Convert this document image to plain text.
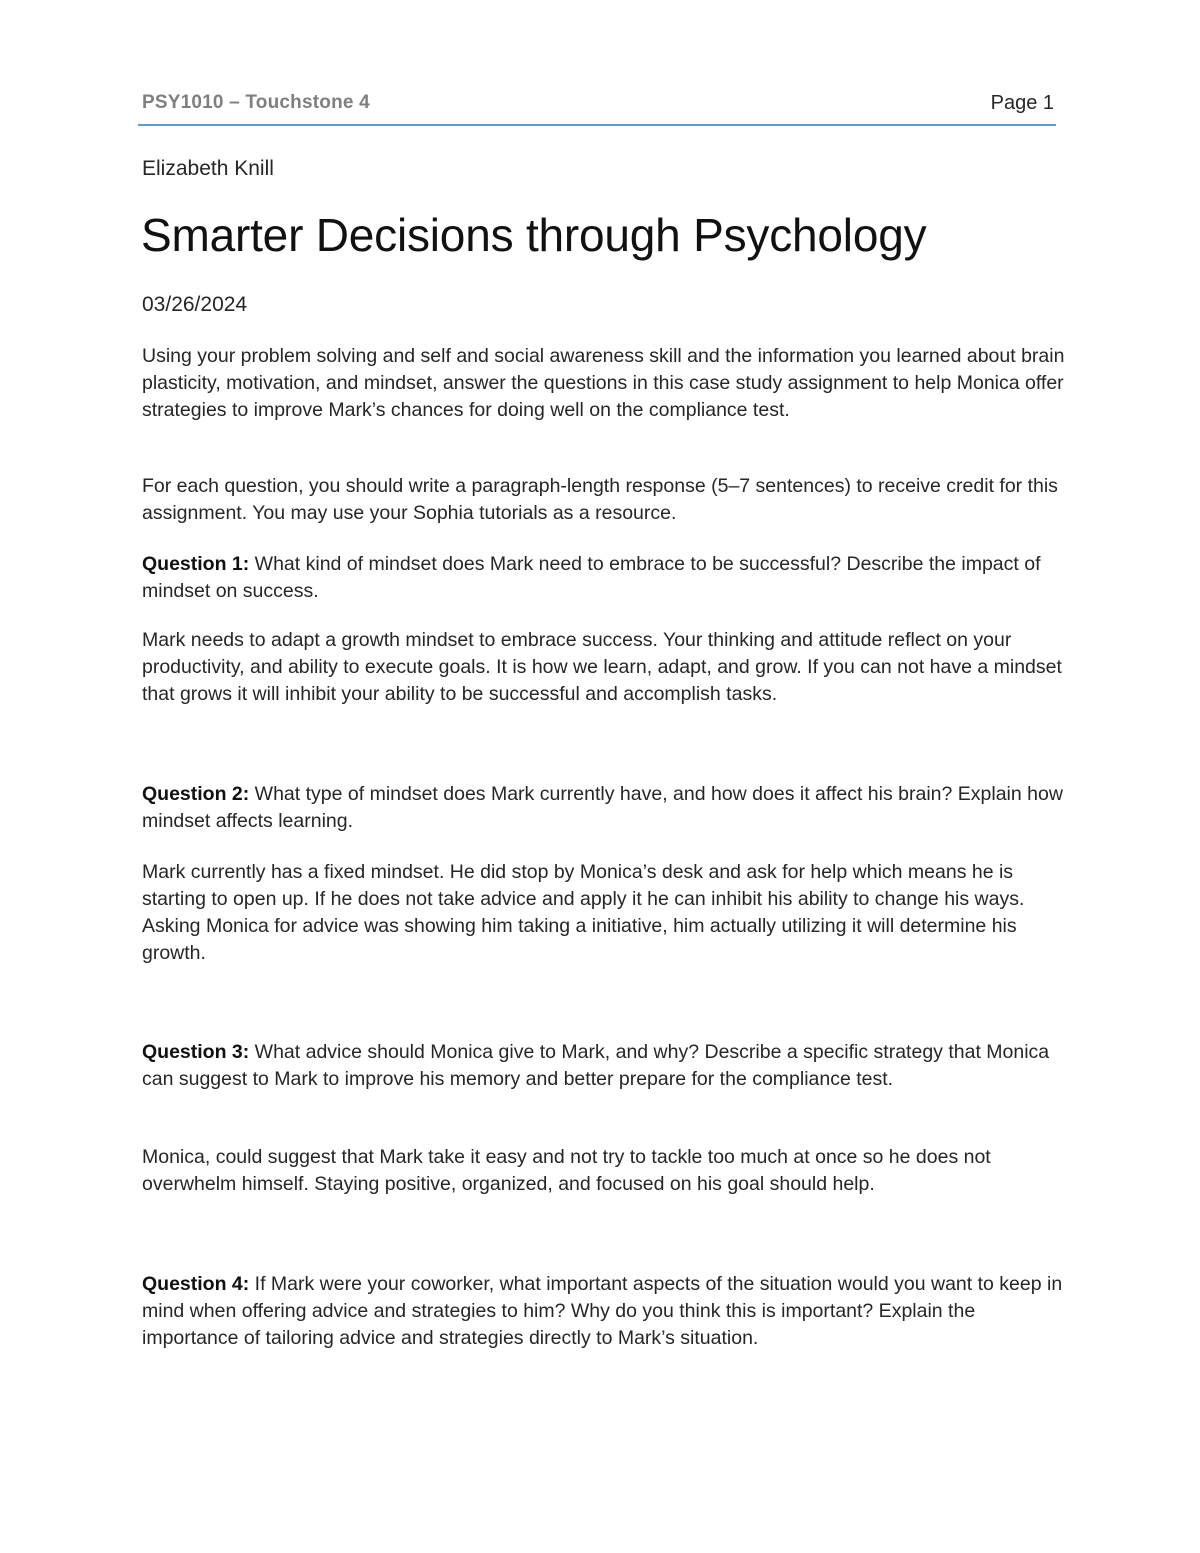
PSY1010 – Touchstone 4	Page 1
Elizabeth Knill
Smarter Decisions through Psychology
03/26/2024

Using your problem solving and self and social awareness skill and the information you learned about brain plasticity, motivation, and mindset, answer the questions in this case study assignment to help Monica offer strategies to improve Mark’s chances for doing well on the compliance test.

For each question, you should write a paragraph-length response (5–7 sentences) to receive credit for this assignment. You may use your Sophia tutorials as a resource.

Question 1: What kind of mindset does Mark need to embrace to be successful? Describe the impact of mindset on success.

Mark needs to adapt a growth mindset to embrace success. Your thinking and attitude reflect on your productivity, and ability to execute goals. It is how we learn, adapt, and grow. If you can not have a mindset that grows it will inhibit your ability to be successful and accomplish tasks.

Question 2: What type of mindset does Mark currently have, and how does it affect his brain? Explain how mindset affects learning.

Mark currently has a fixed mindset. He did stop by Monica’s desk and ask for help which means he is starting to open up. If he does not take advice and apply it he can inhibit his ability to change his ways. Asking Monica for advice was showing him taking a initiative, him actually utilizing it will determine his growth.

Question 3: What advice should Monica give to Mark, and why? Describe a specific strategy that Monica can suggest to Mark to improve his memory and better prepare for the compliance test.

Monica, could suggest that Mark take it easy and not try to tackle too much at once so he does not overwhelm himself. Staying positive, organized, and focused on his goal should help.

Question 4: If Mark were your coworker, what important aspects of the situation would you want to keep in mind when offering advice and strategies to him? Why do you think this is important? Explain the importance of tailoring advice and strategies directly to Mark’s situation.
